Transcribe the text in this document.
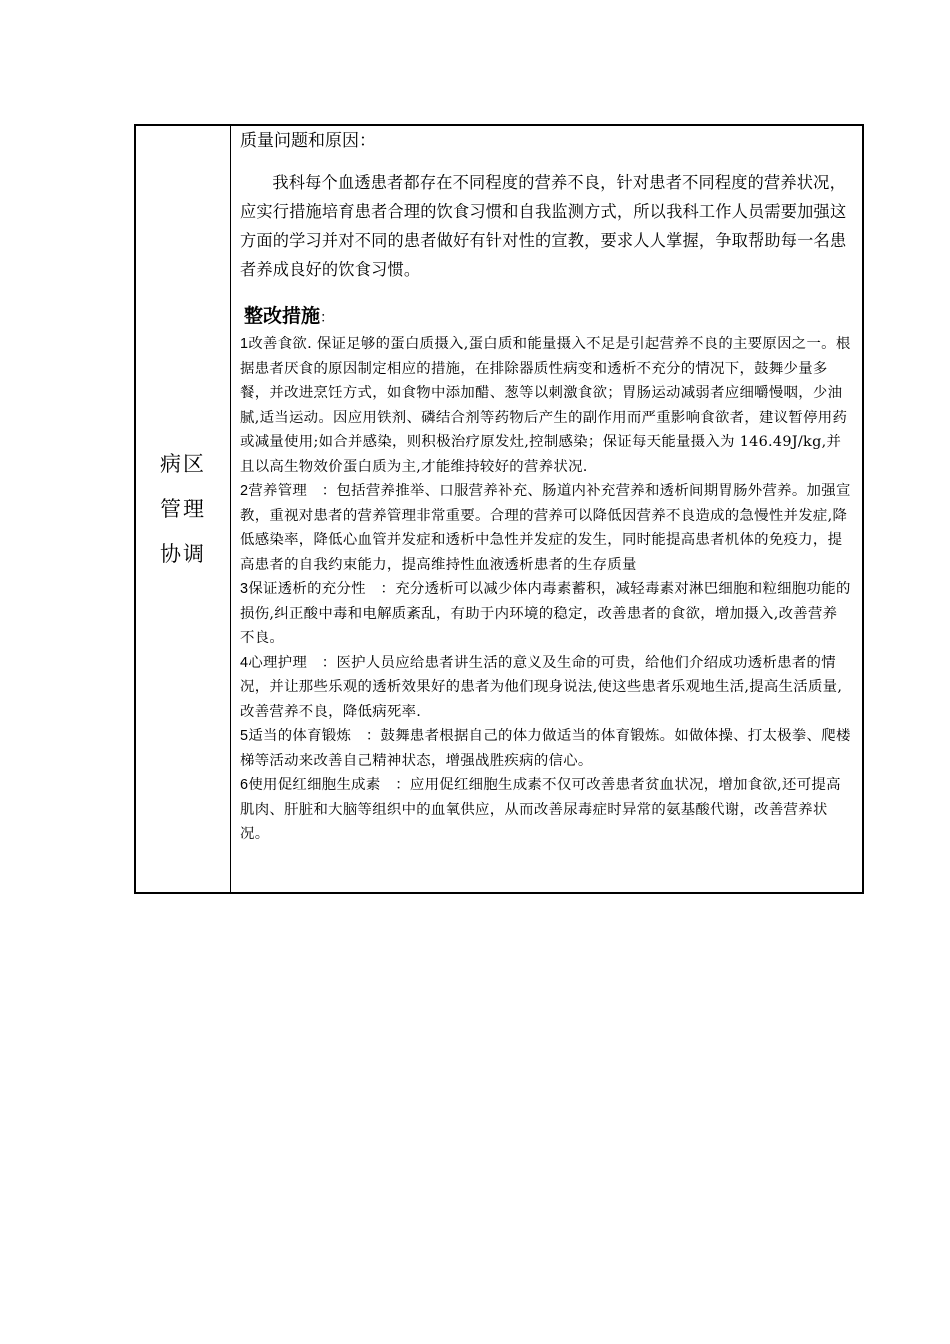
病区
管理
协调
质量问题和原因：
我科每个血透患者都存在不同程度的营养不良，针对患者不同程度的营养状况，应实行措施培育患者合理的饮食习惯和自我监测方式，所以我科工作人员需要加强这方面的学习并对不同的患者做好有针对性的宣教，要求人人掌握，争取帮助每一名患者养成良好的饮食习惯。
整改措施：
1改善食欲. 保证足够的蛋白质摄入,蛋白质和能量摄入不足是引起营养不良的主要原因之一。根据患者厌食的原因制定相应的措施，在排除器质性病变和透析不充分的情况下，鼓舞少量多餐，并改进烹饪方式，如食物中添加醋、葱等以刺激食欲；胃肠运动减弱者应细嚼慢咽，少油腻,适当运动。因应用铁剂、磷结合剂等药物后产生的副作用而严重影响食欲者，建议暂停用药或减量使用;如合并感染，则积极治疗原发灶,控制感染；保证每天能量摄入为 146.49J/kg,并且以高生物效价蛋白质为主,才能维持较好的营养状况.
2营养管理　：包括营养推举、口服营养补充、肠道内补充营养和透析间期胃肠外营养。加强宣教，重视对患者的营养管理非常重要。合理的营养可以降低因营养不良造成的急慢性并发症,降低感染率，降低心血管并发症和透析中急性并发症的发生，同时能提高患者机体的免疫力，提高患者的自我约束能力，提高维持性血液透析患者的生存质量
3保证透析的充分性　：充分透析可以减少体内毒素蓄积，减轻毒素对淋巴细胞和粒细胞功能的损伤,纠正酸中毒和电解质紊乱，有助于内环境的稳定，改善患者的食欲，增加摄入,改善营养不良。
4心理护理　：医护人员应给患者讲生活的意义及生命的可贵，给他们介绍成功透析患者的情况，并让那些乐观的透析效果好的患者为他们现身说法,使这些患者乐观地生活,提高生活质量,改善营养不良，降低病死率.
5适当的体育锻炼　：鼓舞患者根据自己的体力做适当的体育锻炼。如做体操、打太极拳、爬楼梯等活动来改善自己精神状态，增强战胜疾病的信心。
6使用促红细胞生成素　：应用促红细胞生成素不仅可改善患者贫血状况，增加食欲,还可提高肌肉、肝脏和大脑等组织中的血氧供应，从而改善尿毒症时异常的氨基酸代谢，改善营养状况。
